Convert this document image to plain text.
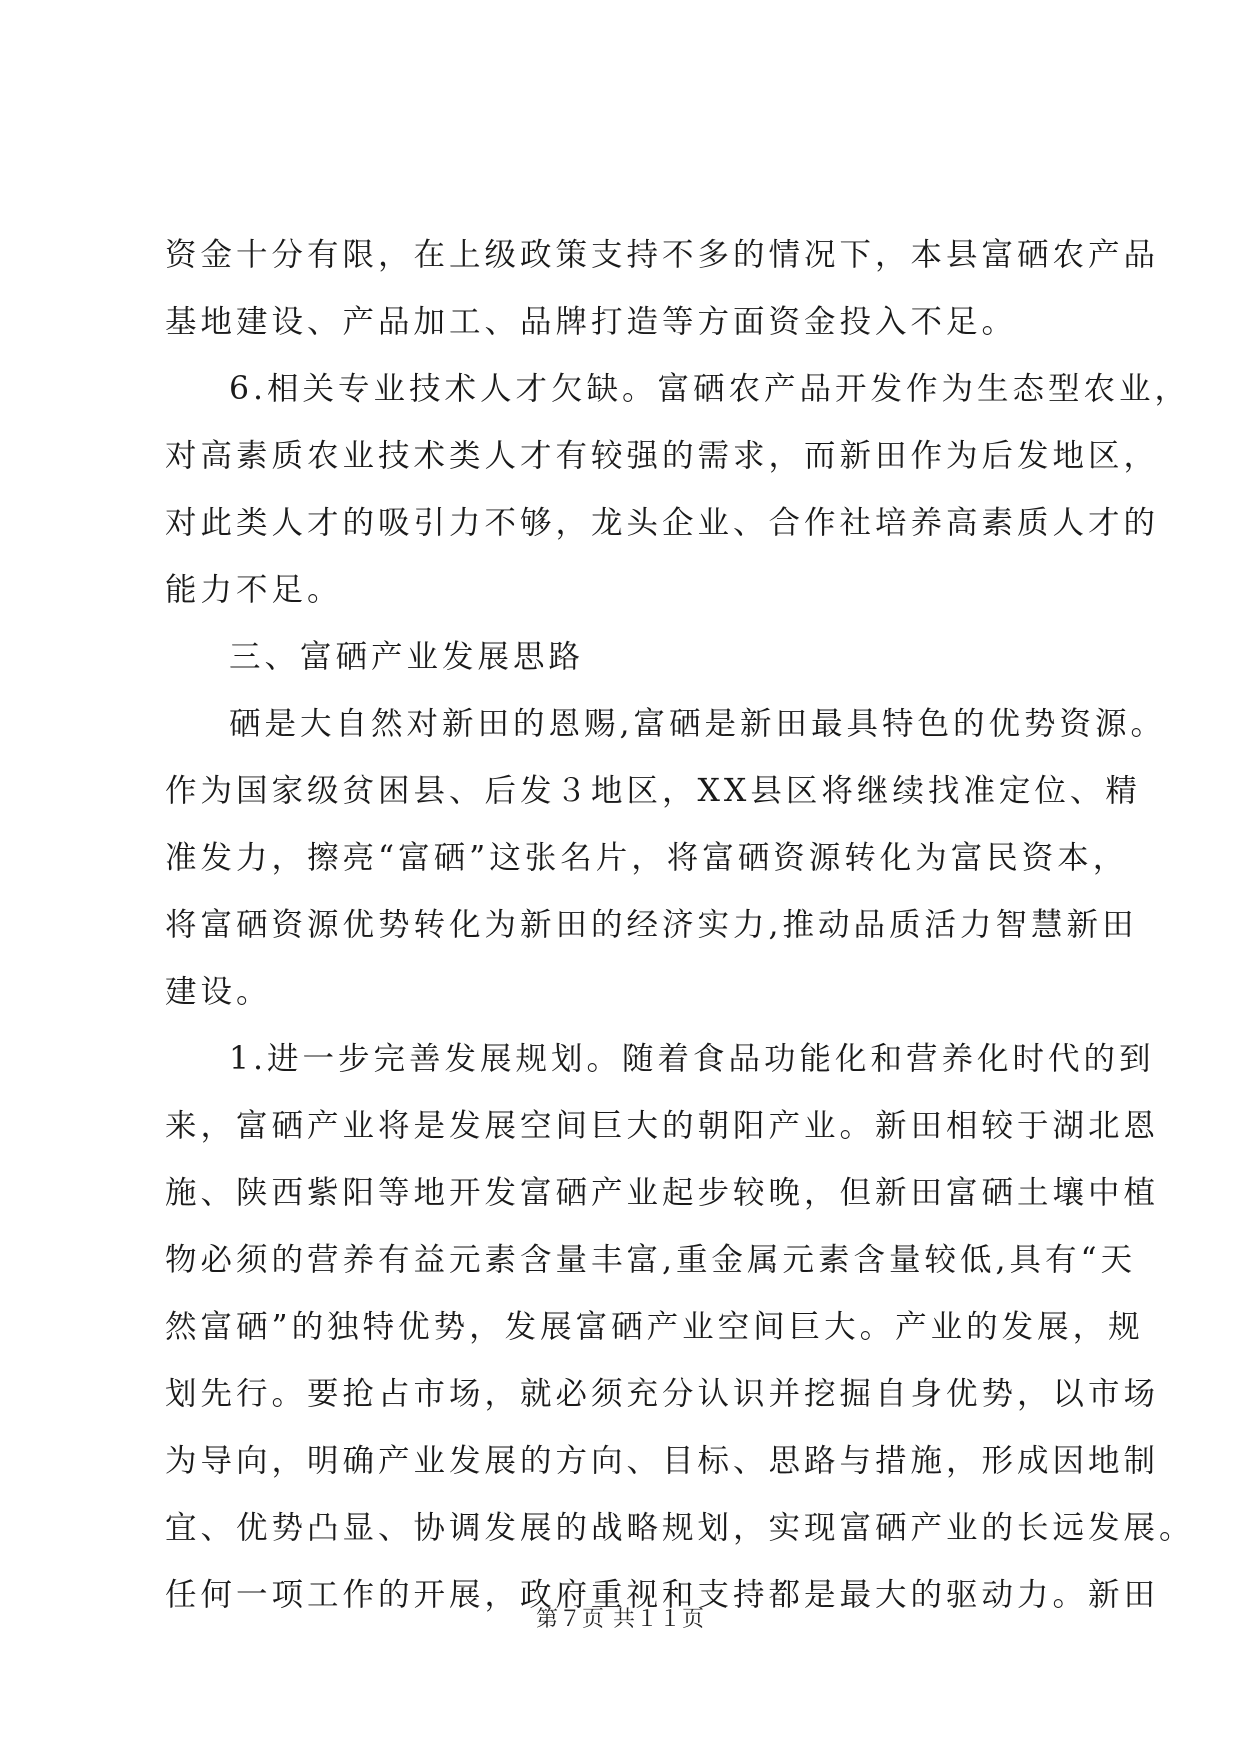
资金十分有限，在上级政策支持不多的情况下，本县富硒农产品
基地建设、产品加工、品牌打造等方面资金投入不足。
6.相关专业技术人才欠缺。富硒农产品开发作为生态型农业，
对高素质农业技术类人才有较强的需求，而新田作为后发地区，
对此类人才的吸引力不够，龙头企业、合作社培养高素质人才的
能力不足。
三、富硒产业发展思路
硒是大自然对新田的恩赐,富硒是新田最具特色的优势资源。
作为国家级贫困县、后发３地区，XX县区将继续找准定位、精
准发力，擦亮“富硒”这张名片，将富硒资源转化为富民资本，
将富硒资源优势转化为新田的经济实力,推动品质活力智慧新田
建设。
1.进一步完善发展规划。随着食品功能化和营养化时代的到
来，富硒产业将是发展空间巨大的朝阳产业。新田相较于湖北恩
施、陕西紫阳等地开发富硒产业起步较晚，但新田富硒土壤中植
物必须的营养有益元素含量丰富,重金属元素含量较低,具有“天
然富硒”的独特优势，发展富硒产业空间巨大。产业的发展，规
划先行。要抢占市场，就必须充分认识并挖掘自身优势，以市场
为导向，明确产业发展的方向、目标、思路与措施，形成因地制
宜、优势凸显、协调发展的战略规划，实现富硒产业的长远发展。
任何一项工作的开展，政府重视和支持都是最大的驱动力。新田
第７页 共１１页
